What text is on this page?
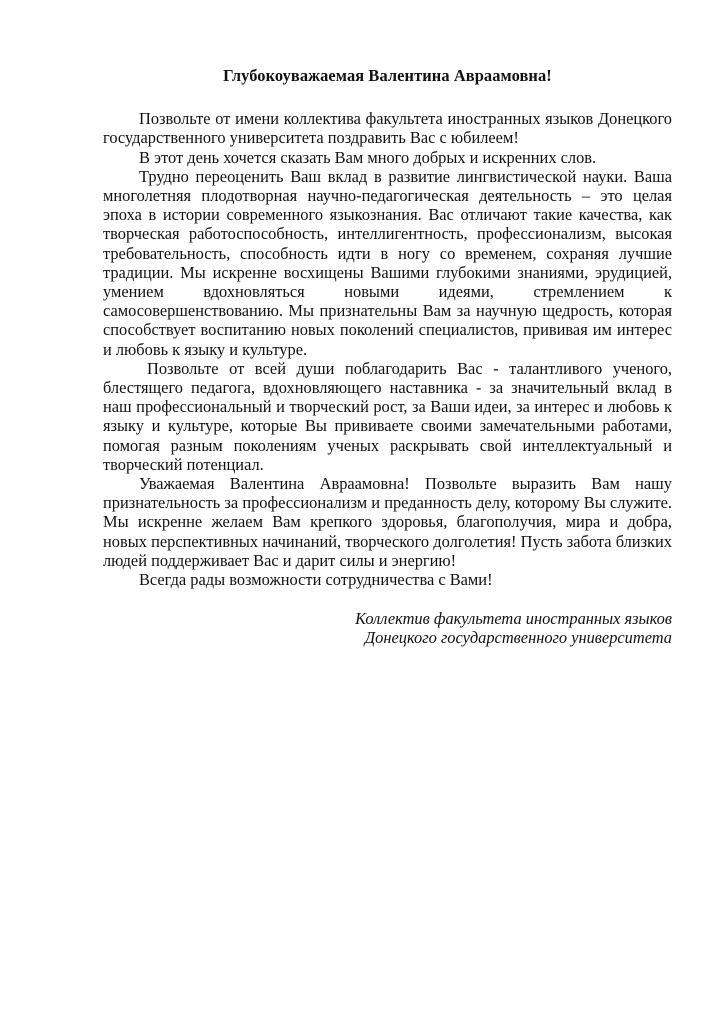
Глубокоуважаемая Валентина Авраамовна!

Позвольте от имени коллектива факультета иностранных языков Донецкого государственного университета поздравить Вас с юбилеем!

В этот день хочется сказать Вам много добрых и искренних слов.

Трудно переоценить Ваш вклад в развитие лингвистической науки. Ваша многолетняя плодотворная научно-педагогическая деятельность – это целая эпоха в истории современного языкознания. Вас отличают такие качества, как творческая работоспособность, интеллигентность, профессионализм, высокая требовательность, способность идти в ногу со временем, сохраняя лучшие традиции. Мы искренне восхищены Вашими глубокими знаниями, эрудицией, умением вдохновляться новыми идеями, стремлением к самосовершенствованию. Мы признательны Вам за научную щедрость, которая способствует воспитанию новых поколений специалистов, прививая им интерес и любовь к языку и культуре.

Позвольте от всей души поблагодарить Вас - талантливого ученого, блестящего педагога, вдохновляющего наставника - за значительный вклад в наш профессиональный и творческий рост, за Ваши идеи, за интерес и любовь к языку и культуре, которые Вы прививаете своими замечательными работами, помогая разным поколениям ученых раскрывать свой интеллектуальный и творческий потенциал.

Уважаемая Валентина Авраамовна! Позвольте выразить Вам нашу признательность за профессионализм и преданность делу, которому Вы служите. Мы искренне желаем Вам крепкого здоровья, благополучия, мира и добра, новых перспективных начинаний, творческого долголетия! Пусть забота близких людей поддерживает Вас и дарит силы и энергию!

Всегда рады возможности сотрудничества с Вами!

Коллектив факультета иностранных языков
Донецкого государственного университета
